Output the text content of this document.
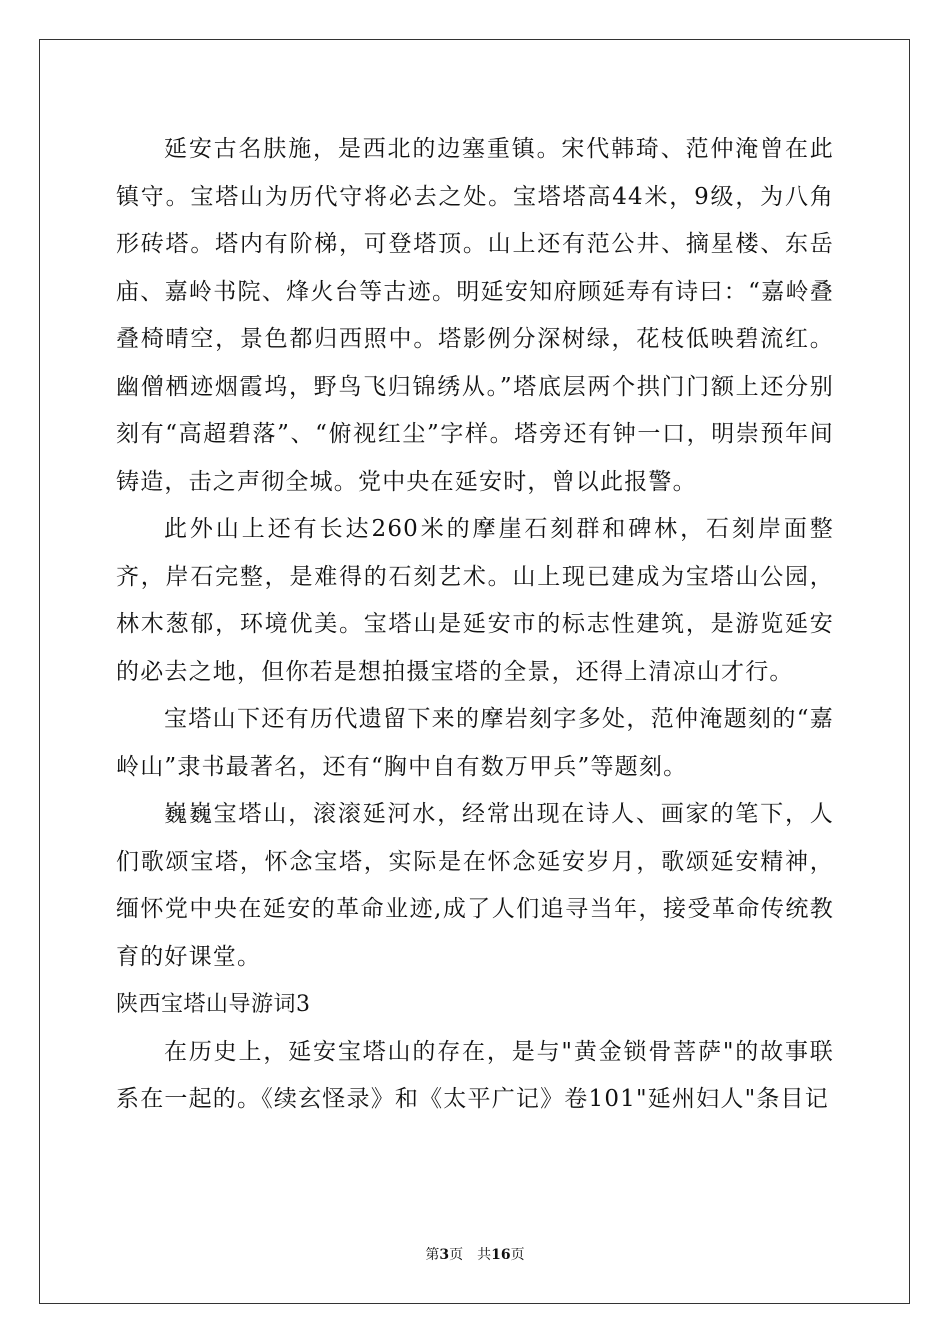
延安古名肤施，是西北的边塞重镇。宋代韩琦、范仲淹曾在此镇守。宝塔山为历代守将必去之处。宝塔塔高44米，9级，为八角形砖塔。塔内有阶梯，可登塔顶。山上还有范公井、摘星楼、东岳庙、嘉岭书院、烽火台等古迹。明延安知府顾延寿有诗曰：“嘉岭叠叠椅晴空，景色都归西照中。塔影例分深树绿，花枝低映碧流红。幽僧栖迹烟霞坞，野鸟飞归锦绣从。”塔底层两个拱门门额上还分别刻有“高超碧落”、“俯视红尘”字样。塔旁还有钟一口，明崇预年间铸造，击之声彻全城。党中央在延安时，曾以此报警。

此外山上还有长达260米的摩崖石刻群和碑林，石刻岸面整齐，岸石完整，是难得的石刻艺术。山上现已建成为宝塔山公园，林木葱郁，环境优美。宝塔山是延安市的标志性建筑，是游览延安的必去之地，但你若是想拍摄宝塔的全景，还得上清凉山才行。

宝塔山下还有历代遗留下来的摩岩刻字多处，范仲淹题刻的“嘉岭山”隶书最著名，还有“胸中自有数万甲兵”等题刻。

巍巍宝塔山，滚滚延河水，经常出现在诗人、画家的笔下，人们歌颂宝塔，怀念宝塔，实际是在怀念延安岁月，歌颂延安精神，缅怀党中央在延安的革命业迹,成了人们追寻当年，接受革命传统教育的好课堂。

陕西宝塔山导游词3

在历史上，延安宝塔山的存在，是与"黄金锁骨菩萨"的故事联系在一起的。《续玄怪录》和《太平广记》卷101"延州妇人"条目记

第3页 共16页
